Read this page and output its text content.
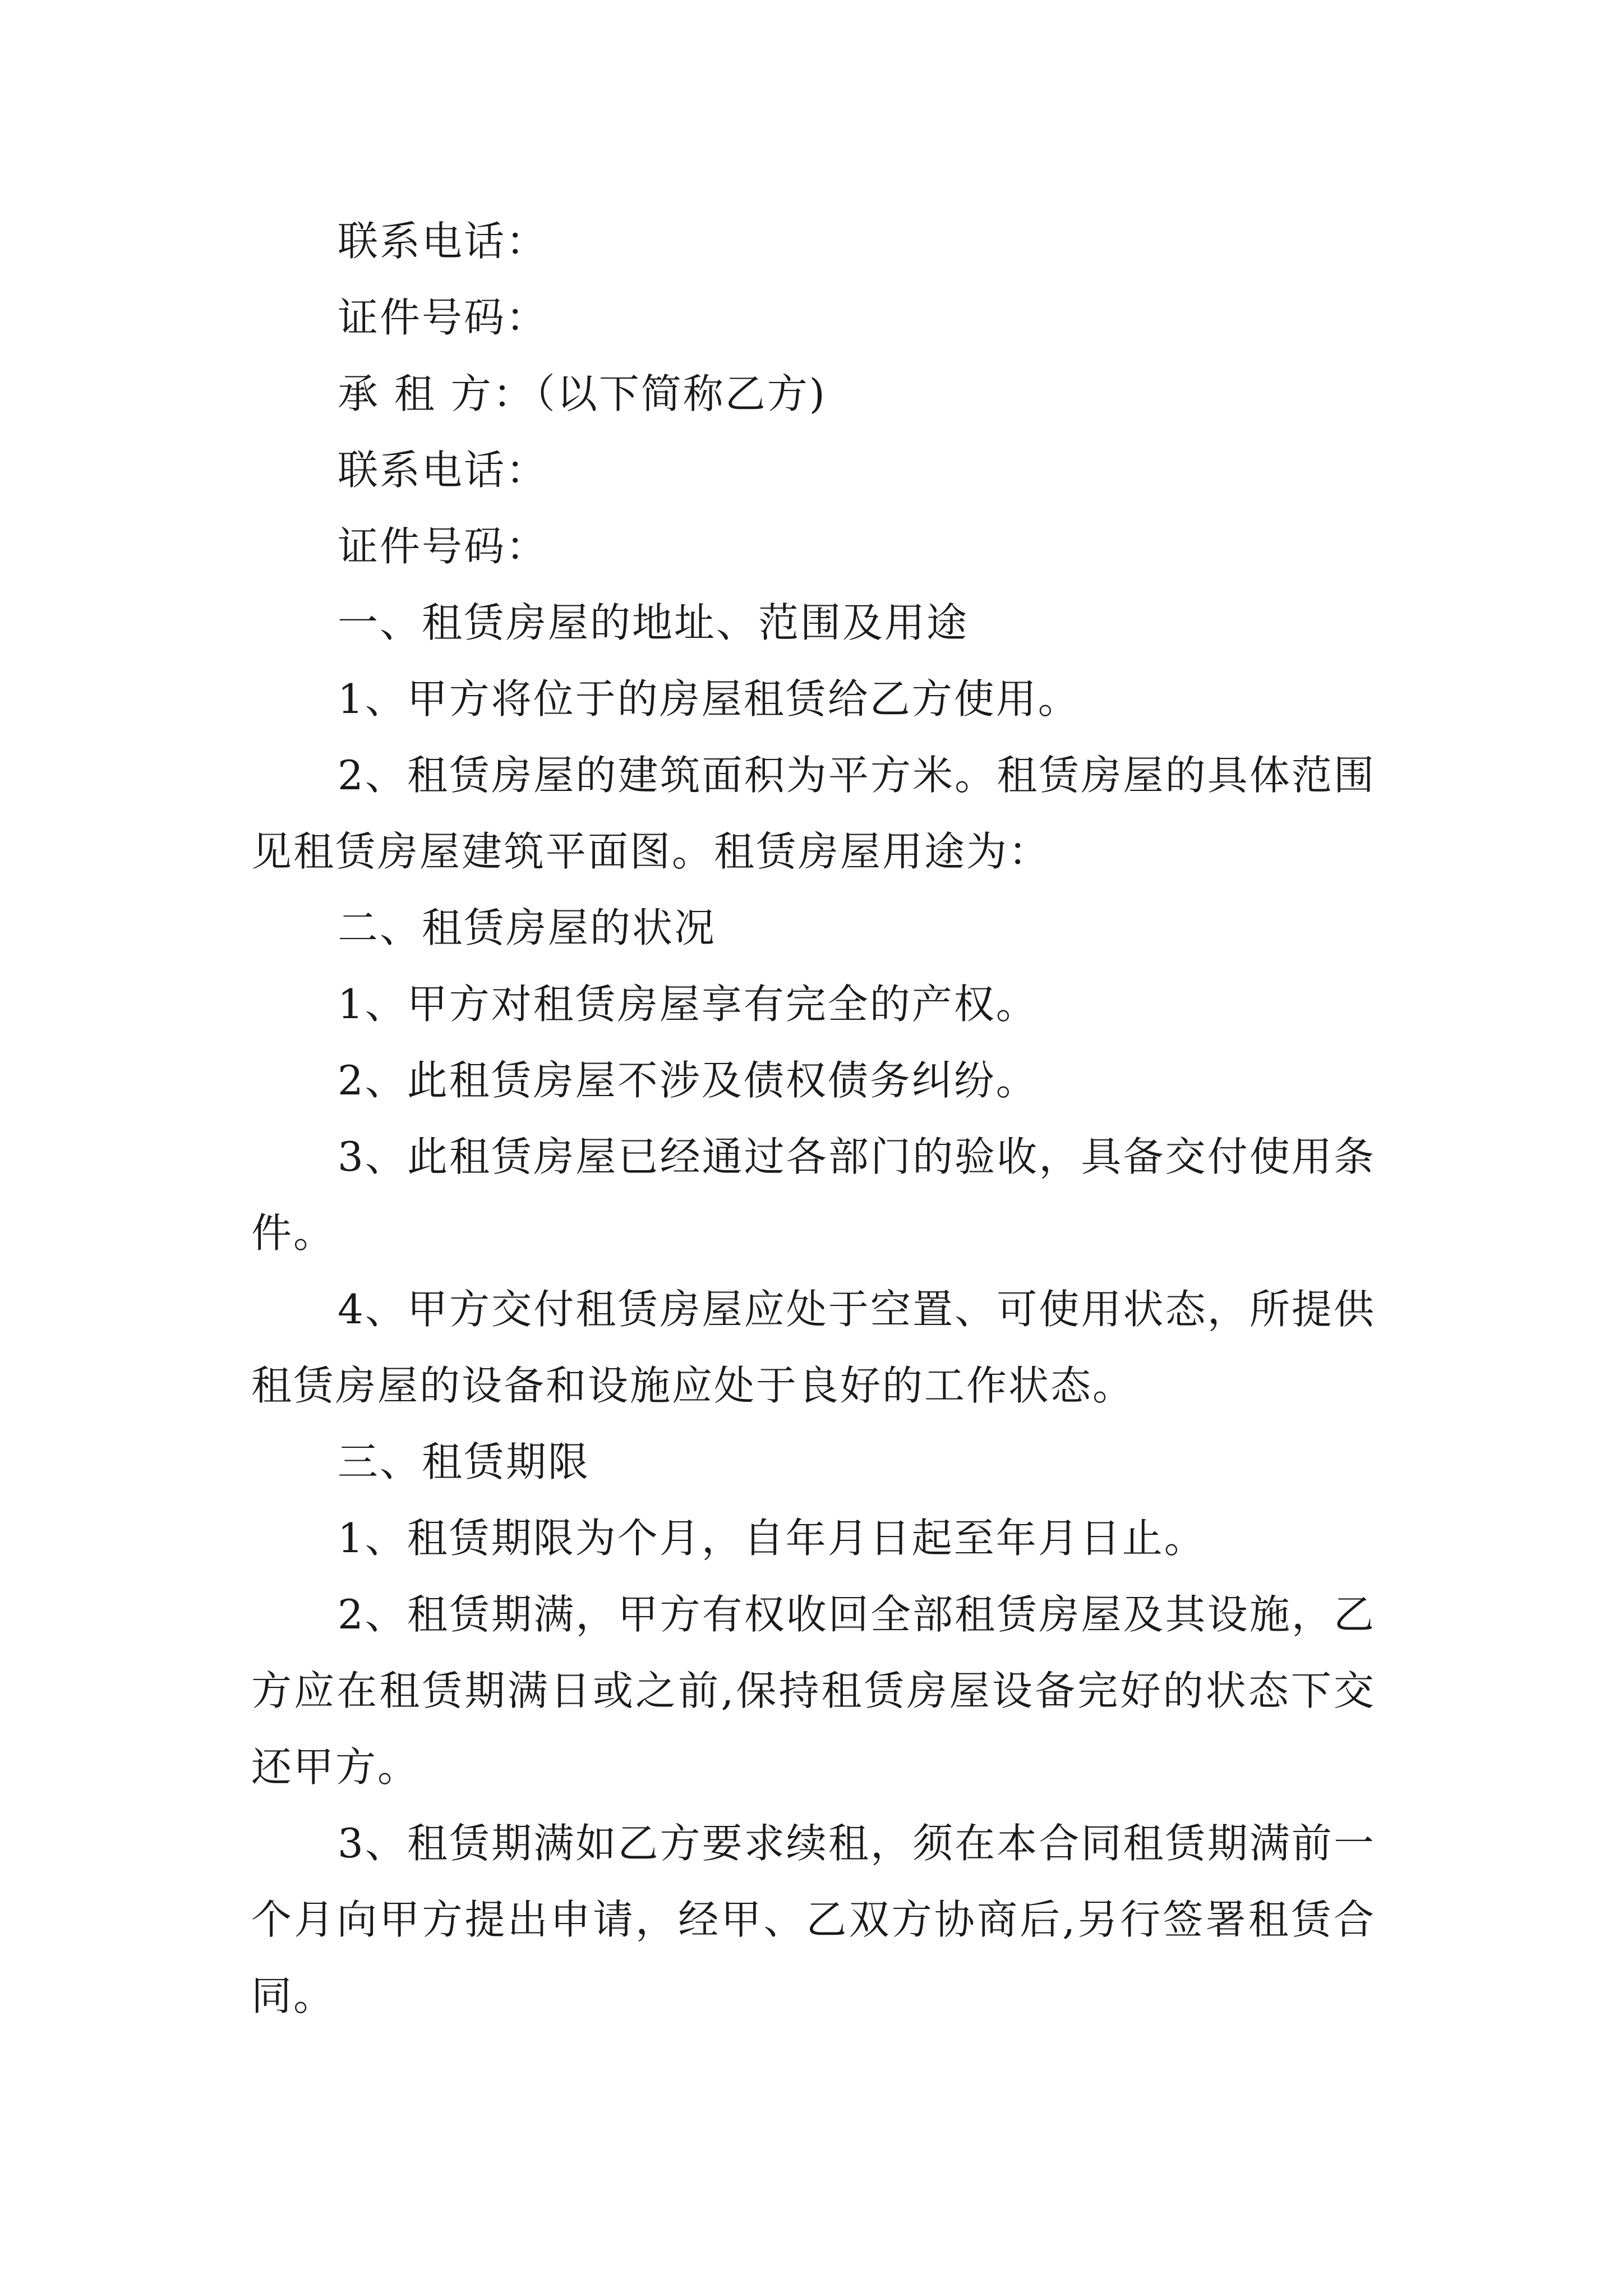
联系电话：

证件号码：

承 租 方：（以下简称乙方)

联系电话：

证件号码：

一、租赁房屋的地址、范围及用途

1、甲方将位于的房屋租赁给乙方使用。

2、租赁房屋的建筑面积为平方米。租赁房屋的具体范围见租赁房屋建筑平面图。租赁房屋用途为：

二、租赁房屋的状况

1、甲方对租赁房屋享有完全的产权。

2、此租赁房屋不涉及债权债务纠纷。

3、此租赁房屋已经通过各部门的验收，具备交付使用条件。

4、甲方交付租赁房屋应处于空置、可使用状态，所提供租赁房屋的设备和设施应处于良好的工作状态。

三、租赁期限

1、租赁期限为个月，自年月日起至年月日止。

2、租赁期满，甲方有权收回全部租赁房屋及其设施，乙方应在租赁期满日或之前,保持租赁房屋设备完好的状态下交还甲方。

3、租赁期满如乙方要求续租，须在本合同租赁期满前一个月向甲方提出申请，经甲、乙双方协商后,另行签署租赁合同。
